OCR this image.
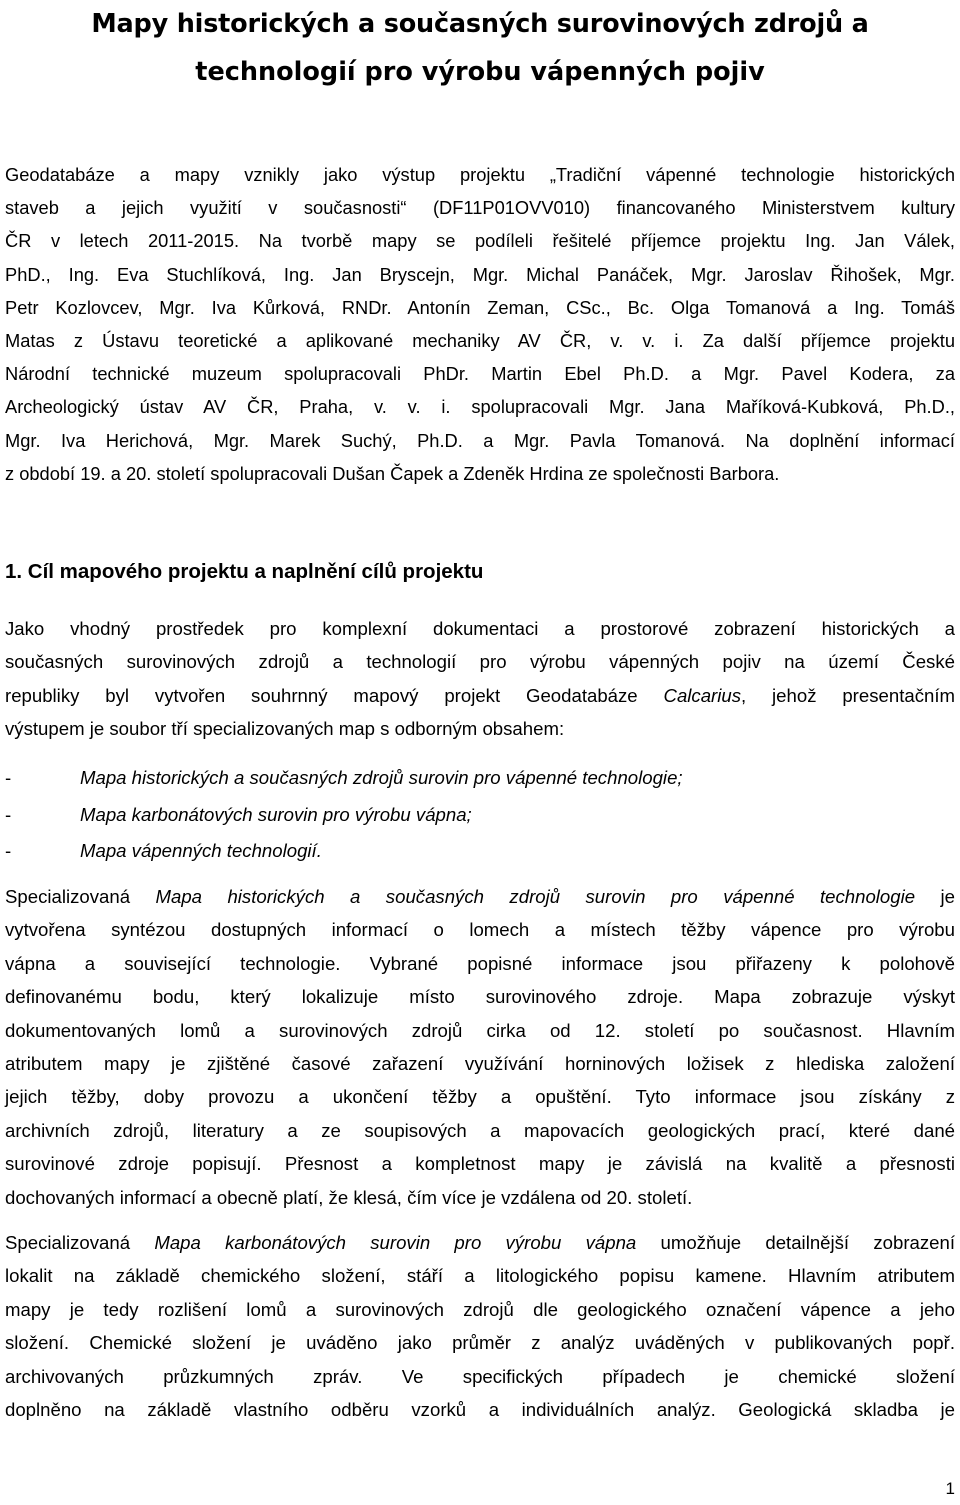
Mapy historických a současných surovinových zdrojů a
technologií pro výrobu vápenných pojiv
Geodatabáze a mapy vznikly jako výstup projektu „Tradiční vápenné technologie historických
staveb a jejich využití v současnosti“ (DF11P01OVV010) financovaného Ministerstvem kultury
ČR v letech 2011-2015. Na tvorbě mapy se podíleli řešitelé příjemce projektu Ing. Jan Válek,
PhD., Ing. Eva Stuchlíková, Ing. Jan Bryscejn, Mgr. Michal Panáček, Mgr. Jaroslav Řihošek, Mgr.
Petr Kozlovcev, Mgr. Iva Kůrková, RNDr. Antonín Zeman, CSc., Bc. Olga Tomanová a Ing. Tomáš
Matas z Ústavu teoretické a aplikované mechaniky AV ČR, v. v. i. Za další příjemce projektu
Národní technické muzeum spolupracovali PhDr. Martin Ebel Ph.D. a Mgr. Pavel Kodera, za
Archeologický ústav AV ČR, Praha, v. v. i. spolupracovali Mgr. Jana Maříková-Kubková, Ph.D.,
Mgr. Iva Herichová, Mgr. Marek Suchý, Ph.D. a Mgr. Pavla Tomanová. Na doplnění informací
z období 19. a 20. století spolupracovali Dušan Čapek a Zdeněk Hrdina ze společnosti Barbora.
1. Cíl mapového projektu a naplnění cílů projektu
Jako vhodný prostředek pro komplexní dokumentaci a prostorové zobrazení historických a
současných surovinových zdrojů a technologií pro výrobu vápenných pojiv na území České
republiky byl vytvořen souhrnný mapový projekt Geodatabáze Calcarius, jehož presentačním
výstupem je soubor tří specializovaných map s odborným obsahem:
-	Mapa historických a současných zdrojů surovin pro vápenné technologie;
-	Mapa karbonátových surovin pro výrobu vápna;
-	Mapa vápenných technologií.
Specializovaná Mapa historických a současných zdrojů surovin pro vápenné technologie je
vytvořena syntézou dostupných informací o lomech a místech těžby vápence pro výrobu
vápna a související technologie. Vybrané popisné informace jsou přiřazeny k polohově
definovanému bodu, který lokalizuje místo surovinového zdroje. Mapa zobrazuje výskyt
dokumentovaných lomů a surovinových zdrojů cirka od 12. století po současnost. Hlavním
atributem mapy je zjištěné časové zařazení využívání horninových ložisek z hlediska založení
jejich těžby, doby provozu a ukončení těžby a opuštění. Tyto informace jsou získány z
archivních zdrojů, literatury a ze soupisových a mapovacích geologických prací, které dané
surovinové zdroje popisují. Přesnost a kompletnost mapy je závislá na kvalitě a přesnosti
dochovaných informací a obecně platí, že klesá, čím více je vzdálena od 20. století.
Specializovaná Mapa karbonátových surovin pro výrobu vápna umožňuje detailnější zobrazení
lokalit na základě chemického složení, stáří a litologického popisu kamene. Hlavním atributem
mapy je tedy rozlišení lomů a surovinových zdrojů dle geologického označení vápence a jeho
složení. Chemické složení je uváděno jako průměr z analýz uváděných v publikovaných popř.
archivovaných průzkumných zpráv. Ve specifických případech je chemické složení
doplněno na základě vlastního odběru vzorků a individuálních analýz. Geologická skladba je
1
